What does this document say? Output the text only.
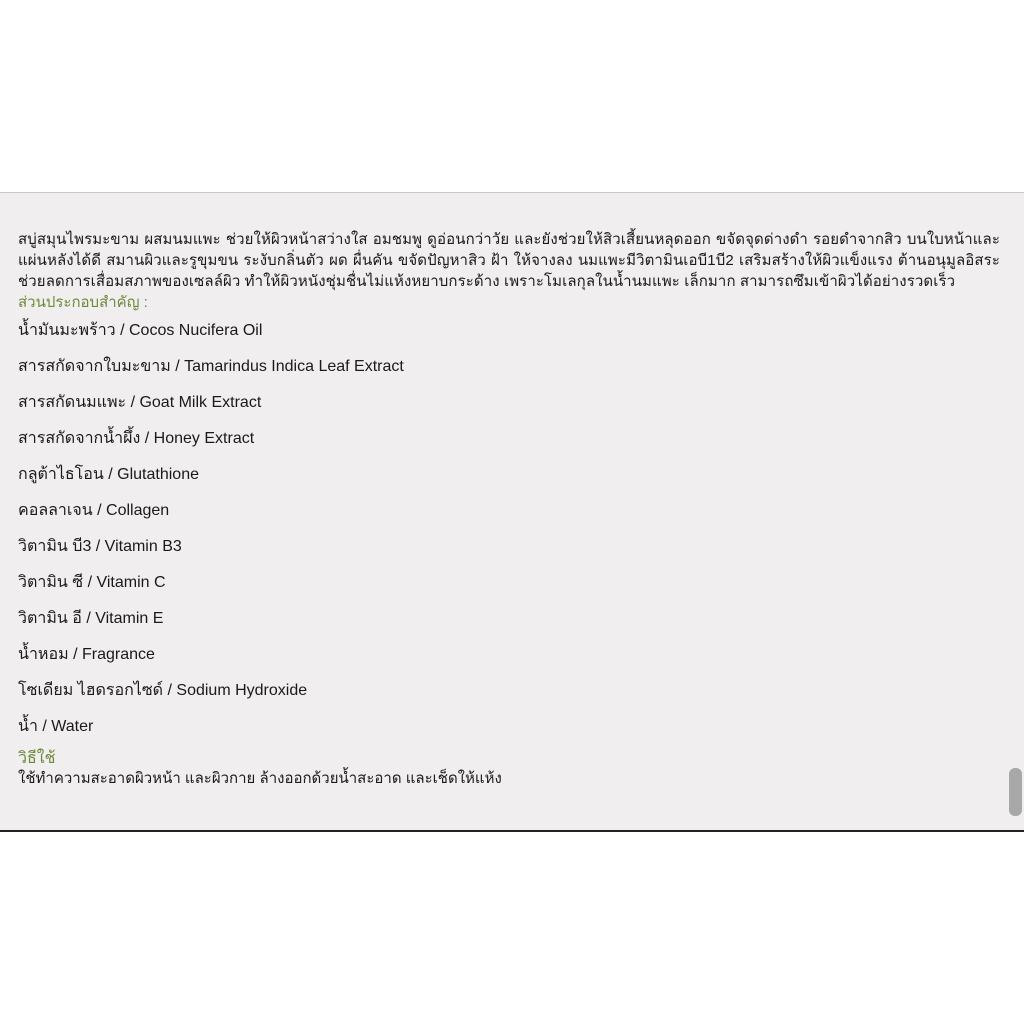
สบู่สมุนไพรมะขาม ผสมนมแพะ ช่วยให้ผิวหน้าสว่างใส อมชมพู ดูอ่อนกว่าวัย และยังช่วยให้สิวเสี้ยนหลุดออก ขจัดจุดด่างดำ รอยดำจากสิว บนใบหน้าและแผ่นหลังได้ดี สมานผิวและรูขุมขน ระงับกลิ่นตัว ผด ผื่นคัน ขจัดปัญหาสิว ฝ้า ให้จางลง นมแพะมีวิตามินเอบี1บี2 เสริมสร้างให้ผิวแข็งแรง ต้านอนุมูลอิสระช่วยลดการเสื่อมสภาพของเซลล์ผิว ทำให้ผิวหนังชุ่มชื่นไม่แห้งหยาบกระด้าง เพราะโมเลกุลในน้ำนมแพะ เล็กมาก สามารถซึมเข้าผิวได้อย่างรวดเร็ว

ส่วนประกอบสำคัญ :

น้ำมันมะพร้าว / Cocos Nucifera Oil
สารสกัดจากใบมะขาม / Tamarindus Indica Leaf Extract
สารสกัดนมแพะ / Goat Milk Extract
สารสกัดจากน้ำผึ้ง / Honey Extract
กลูต้าไธโอน / Glutathione
คอลลาเจน / Collagen
วิตามิน บี3 / Vitamin B3
วิตามิน ซี / Vitamin C
วิตามิน อี / Vitamin E
น้ำหอม / Fragrance
โซเดียม ไฮดรอกไซด์ / Sodium Hydroxide
น้ำ / Water
วิธีใช้

ใช้ทำความสะอาดผิวหน้า และผิวกาย ล้างออกด้วยน้ำสะอาด และเช็ดให้แห้ง
